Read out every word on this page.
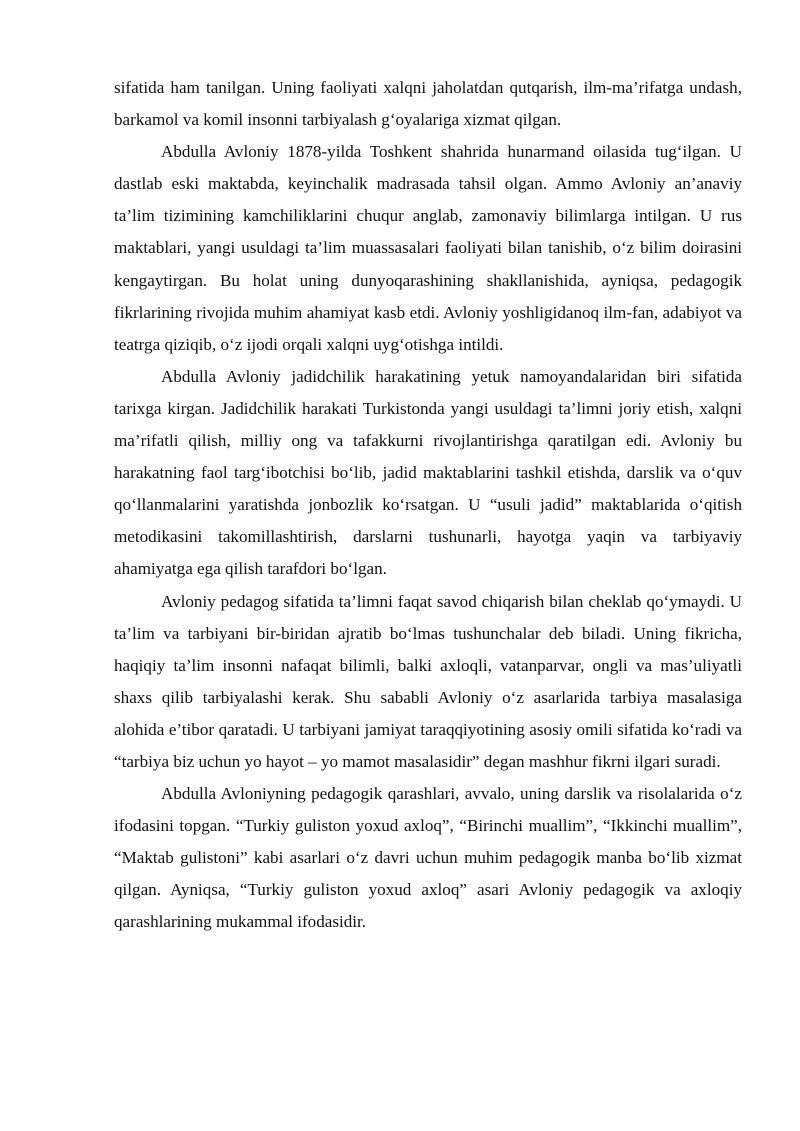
sifatida ham tanilgan. Uning faoliyati xalqni jaholatdan qutqarish, ilm-ma’rifatga undash, barkamol va komil insonni tarbiyalash g‘oyalariga xizmat qilgan.

Abdulla Avloniy 1878-yilda Toshkent shahrida hunarmand oilasida tug‘ilgan. U dastlab eski maktabda, keyinchalik madrasada tahsil olgan. Ammo Avloniy an’anaviy ta’lim tizimining kamchiliklarini chuqur anglab, zamonaviy bilimlarga intilgan. U rus maktablari, yangi usuldagi ta’lim muassasalari faoliyati bilan tanishib, o‘z bilim doirasini kengaytirgan. Bu holat uning dunyoqarashining shakllanishida, ayniqsa, pedagogik fikrlarining rivojida muhim ahamiyat kasb etdi. Avloniy yoshligidanoq ilm-fan, adabiyot va teatrga qiziqib, o‘z ijodi orqali xalqni uyg‘otishga intildi.

Abdulla Avloniy jadidchilik harakatining yetuk namoyandalaridan biri sifatida tarixga kirgan. Jadidchilik harakati Turkistonda yangi usuldagi ta’limni joriy etish, xalqni ma’rifatli qilish, milliy ong va tafakkurni rivojlantirishga qaratilgan edi. Avloniy bu harakatning faol targ‘ibotchisi bo‘lib, jadid maktablarini tashkil etishda, darslik va o‘quv qo‘llanmalarini yaratishda jonbozlik ko‘rsatgan. U “usuli jadid” maktablarida o‘qitish metodikasini takomillashtirish, darslarni tushunarli, hayotga yaqin va tarbiyaviy ahamiyatga ega qilish tarafdori bo‘lgan.

Avloniy pedagog sifatida ta’limni faqat savod chiqarish bilan cheklab qo‘ymaydi. U ta’lim va tarbiyani bir-biridan ajratib bo‘lmas tushunchalar deb biladi. Uning fikricha, haqiqiy ta’lim insonni nafaqat bilimli, balki axloqli, vatanparvar, ongli va mas’uliyatli shaxs qilib tarbiyalashi kerak. Shu sababli Avloniy o‘z asarlarida tarbiya masalasiga alohida e’tibor qaratadi. U tarbiyani jamiyat taraqqiyotining asosiy omili sifatida ko‘radi va “tarbiya biz uchun yo hayot – yo mamot masalasidir” degan mashhur fikrni ilgari suradi.

Abdulla Avloniyning pedagogik qarashlari, avvalo, uning darslik va risolalarida o‘z ifodasini topgan. “Turkiy guliston yoxud axloq”, “Birinchi muallim”, “Ikkinchi muallim”, “Maktab gulistoni” kabi asarlari o‘z davri uchun muhim pedagogik manba bo‘lib xizmat qilgan. Ayniqsa, “Turkiy guliston yoxud axloq” asari Avloniy pedagogik va axloqiy qarashlarining mukammal ifodasidir.
